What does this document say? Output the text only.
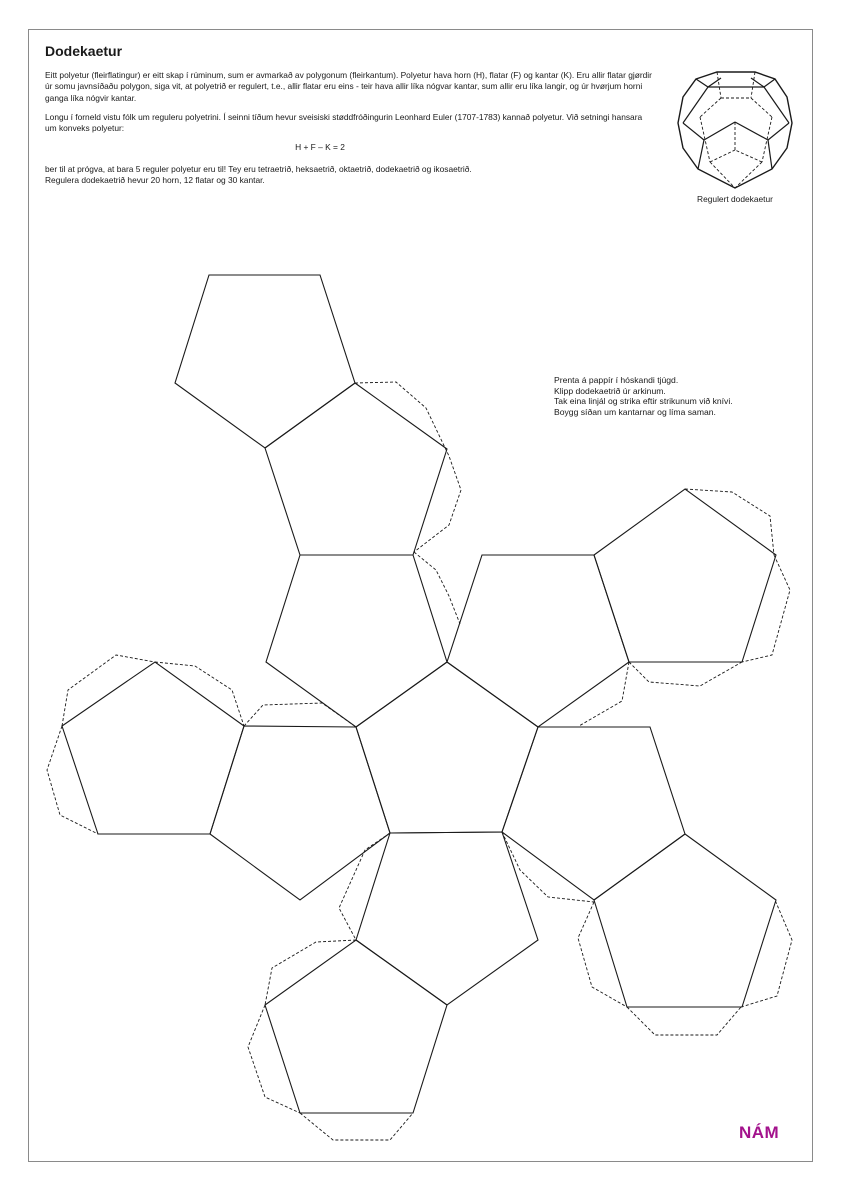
Dodekaetur

Eitt polyetur (fleirflatingur) er eitt skap í rúminum, sum er avmarkað av polygonum (fleirkantum). Polyetur hava horn (H), flatar (F) og kantar (K). Eru allir flatar gjørdir úr somu javnsíðaðu polygon, siga vit, at polyetrið er regulert, t.e., allir flatar eru eins - teir hava allir líka nógvar kantar, sum allir eru líka langir, og úr hvørjum horni ganga líka nógvir kantar.

Longu í forneld vistu fólk um reguleru polyetrini. Í seinni tíðum hevur sveisiski støddfróðingurin Leonhard Euler (1707-1783) kannað polyetur. Við setningi hansara um konveks polyetur:

H + F – K = 2

ber til at prógva, at bara 5 reguler polyetur eru til! Tey eru tetraetrið, heksaetrið, oktaetrið, dodekaetrið og ikosaetrið.

Regulera dodekaetrið hevur 20 horn, 12 flatar og 30 kantar.

Regulert dodekaetur
Prenta á pappír í hóskandi tjúgd.
Klipp dodekaetrið úr arkinum.
Tak eina linjál og strika eftir strikunum við knívi.
Boygg síðan um kantarnar og líma saman.
NÁM
